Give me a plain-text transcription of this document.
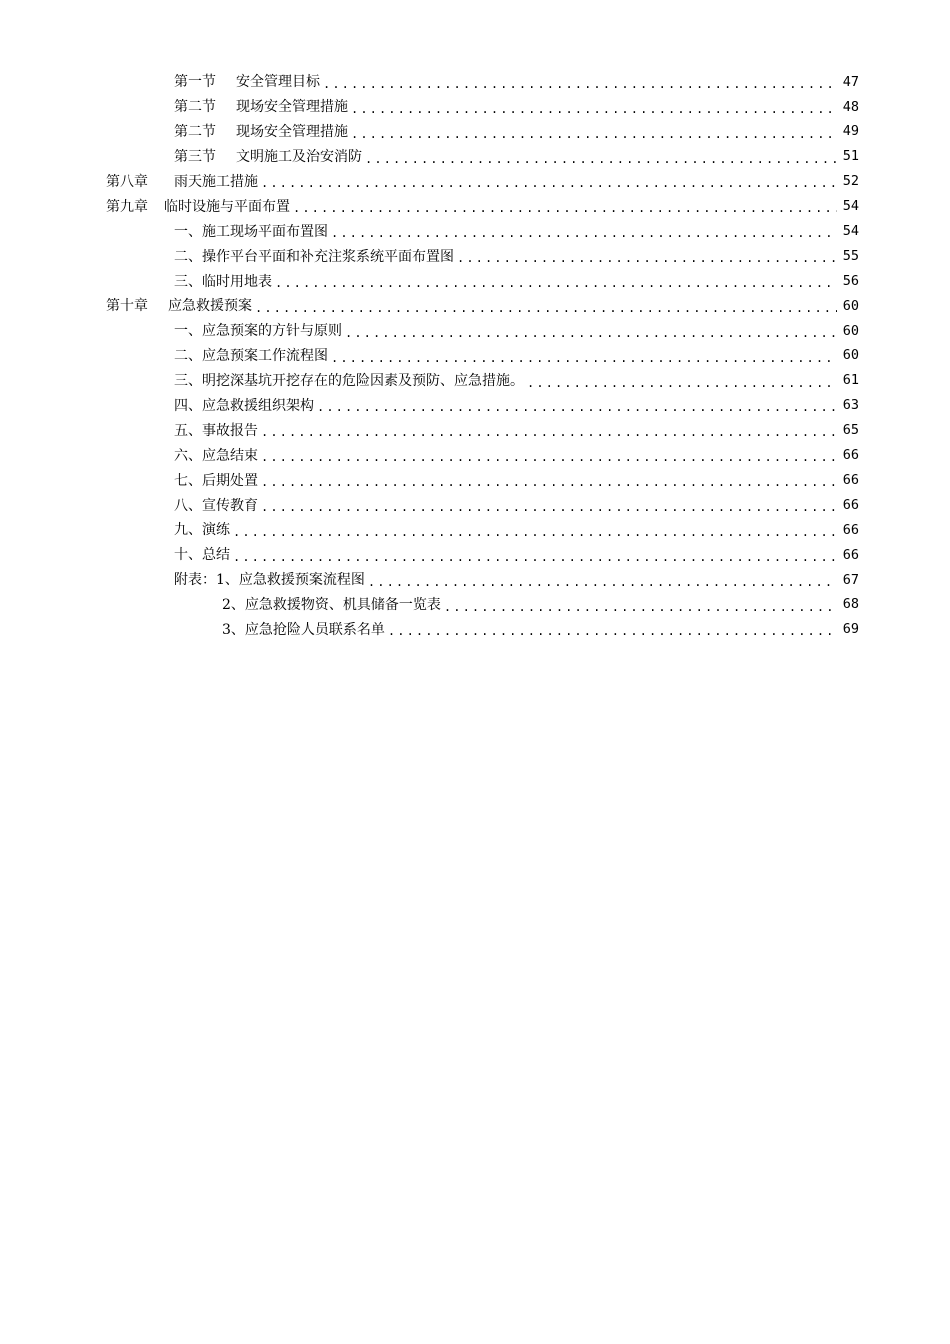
第一节 安全管理目标 .....	47
第二节 现场安全管理措施 .....	48
第二节 现场安全管理措施 .....	49
第三节 文明施工及治安消防 .....	51
第八章 雨天施工措施 .....	52
第九章 临时设施与平面布置 .....	54
一、施工现场平面布置图 .....	54
二、操作平台平面和补充注浆系统平面布置图 .....	55
三、临时用地表 .....	56
第十章 应急救援预案 .....	60
一、应急预案的方针与原则 .....	60
二、应急预案工作流程图 .....	60
三、明挖深基坑开挖存在的危险因素及预防、应急措施。 .....	61
四、应急救援组织架构 .....	63
五、事故报告 .....	65
六、应急结束 .....	66
七、后期处置 .....	66
八、宣传教育 .....	66
九、演练 .....	66
十、总结 .....	66
附表：1、应急救援预案流程图 .....	67
2、应急救援物资、机具储备一览表 .....	68
3、应急抢险人员联系名单 .....	69
